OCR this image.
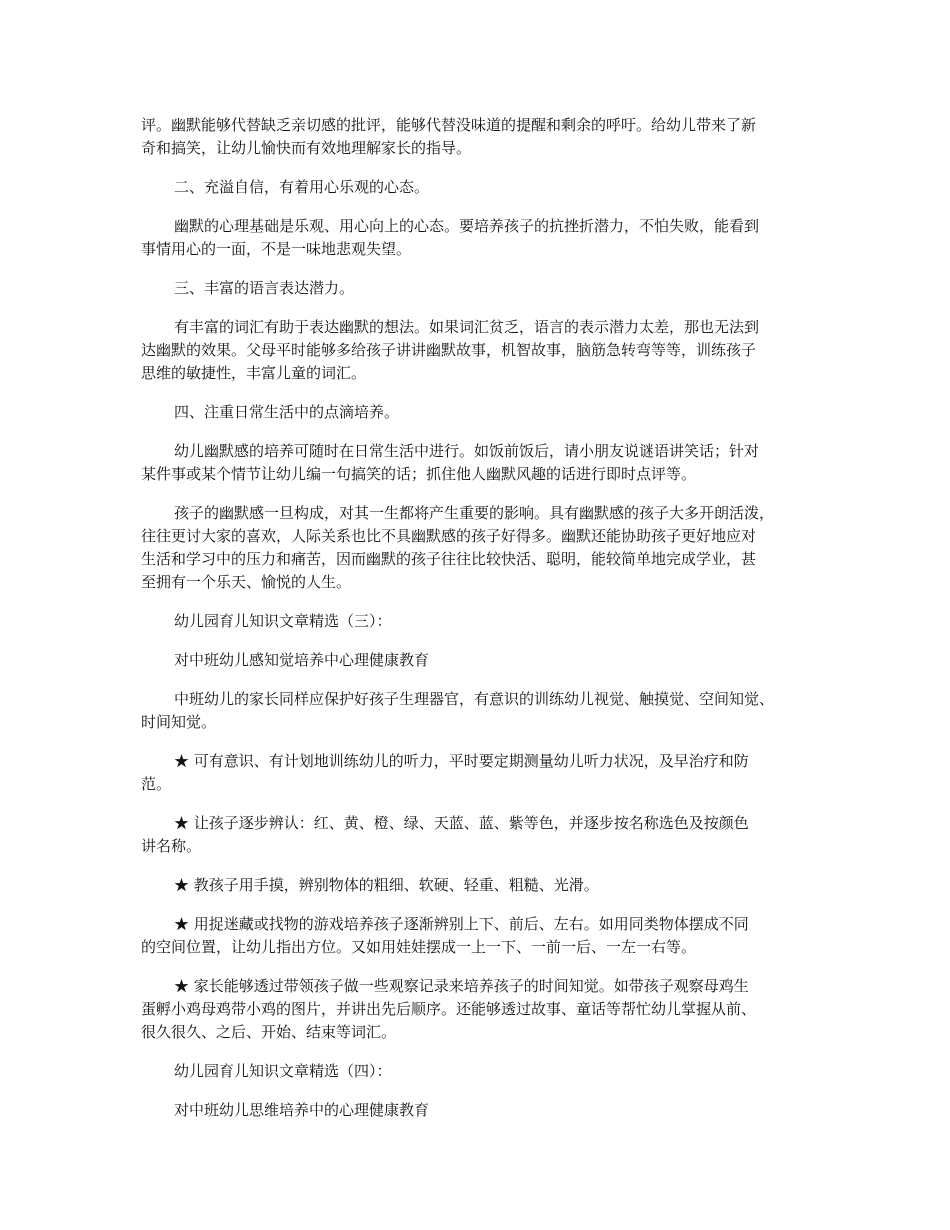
评。幽默能够代替缺乏亲切感的批评，能够代替没味道的提醒和剩余的呼吁。给幼儿带来了新
奇和搞笑，让幼儿愉快而有效地理解家长的指导。

二、充溢自信，有着用心乐观的心态。

幽默的心理基础是乐观、用心向上的心态。要培养孩子的抗挫折潜力，不怕失败，能看到
事情用心的一面，不是一味地悲观失望。

三、丰富的语言表达潜力。

有丰富的词汇有助于表达幽默的想法。如果词汇贫乏，语言的表示潜力太差，那也无法到
达幽默的效果。父母平时能够多给孩子讲讲幽默故事，机智故事，脑筋急转弯等等，训练孩子
思维的敏捷性，丰富儿童的词汇。

四、注重日常生活中的点滴培养。

幼儿幽默感的培养可随时在日常生活中进行。如饭前饭后，请小朋友说谜语讲笑话；针对
某件事或某个情节让幼儿编一句搞笑的话；抓住他人幽默风趣的话进行即时点评等。

孩子的幽默感一旦构成，对其一生都将产生重要的影响。具有幽默感的孩子大多开朗活泼，
往往更讨大家的喜欢，人际关系也比不具幽默感的孩子好得多。幽默还能协助孩子更好地应对
生活和学习中的压力和痛苦，因而幽默的孩子往往比较快活、聪明，能较简单地完成学业，甚
至拥有一个乐天、愉悦的人生。

幼儿园育儿知识文章精选（三）：

对中班幼儿感知觉培养中心理健康教育

中班幼儿的家长同样应保护好孩子生理器官，有意识的训练幼儿视觉、触摸觉、空间知觉、
时间知觉。

★ 可有意识、有计划地训练幼儿的听力，平时要定期测量幼儿听力状况，及早治疗和防
范。

★ 让孩子逐步辨认：红、黄、橙、绿、天蓝、蓝、紫等色，并逐步按名称选色及按颜色
讲名称。

★ 教孩子用手摸，辨别物体的粗细、软硬、轻重、粗糙、光滑。

★ 用捉迷藏或找物的游戏培养孩子逐渐辨别上下、前后、左右。如用同类物体摆成不同
的空间位置，让幼儿指出方位。又如用娃娃摆成一上一下、一前一后、一左一右等。

★ 家长能够透过带领孩子做一些观察记录来培养孩子的时间知觉。如带孩子观察母鸡生
蛋孵小鸡母鸡带小鸡的图片，并讲出先后顺序。还能够透过故事、童话等帮忙幼儿掌握从前、
很久很久、之后、开始、结束等词汇。

幼儿园育儿知识文章精选（四）：

对中班幼儿思维培养中的心理健康教育
